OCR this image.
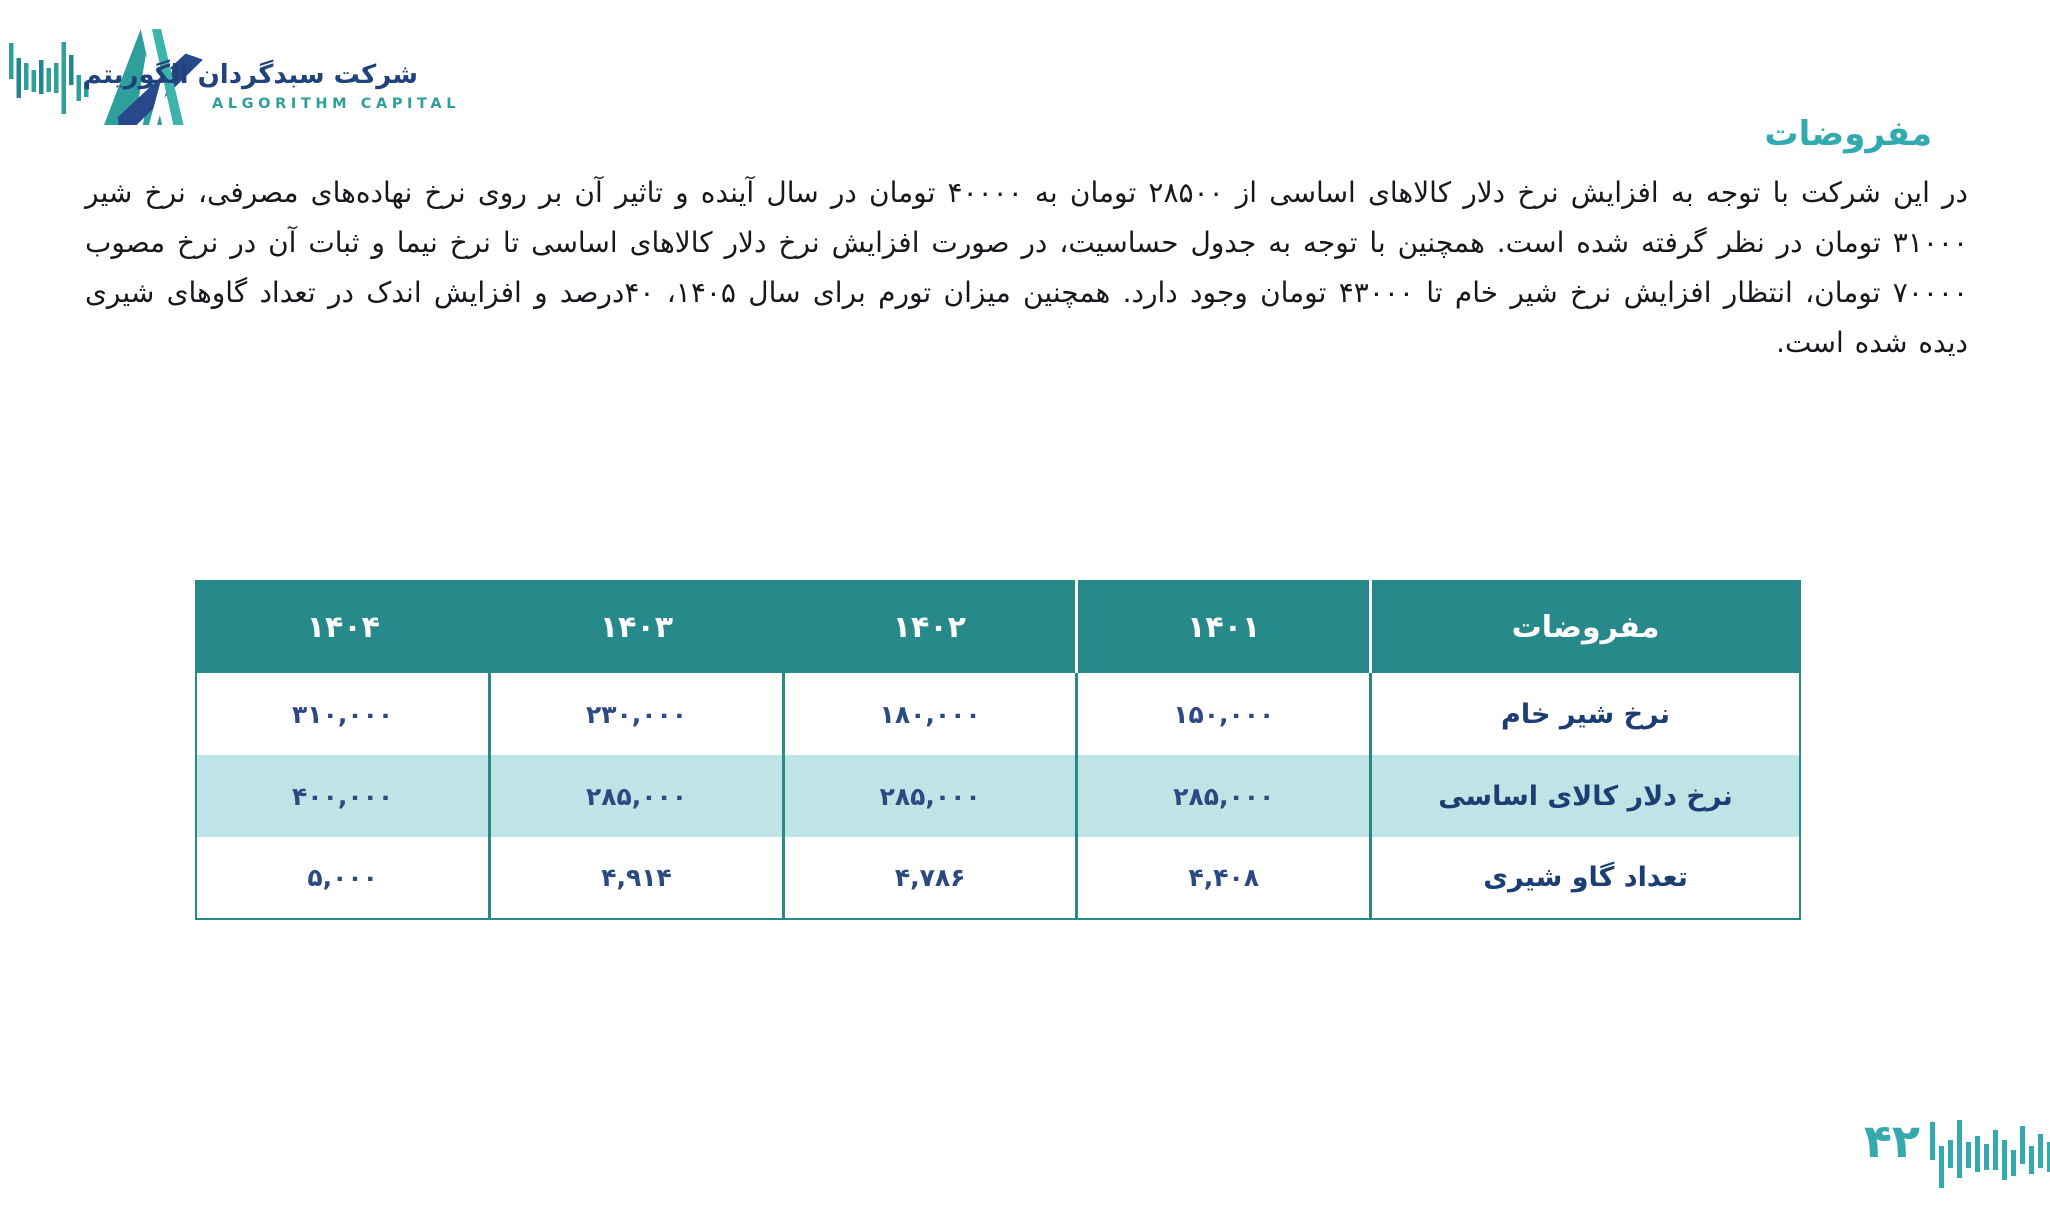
شرکت سبدگردان الگوریتم
ALGORITHM CAPITAL
مفروضات

در این شرکت با توجه به افزایش نرخ دلار کالاهای اساسی از ۲۸۵۰۰ تومان به ۴۰۰۰۰ تومان در سال آینده و تاثیر آن بر روی نرخ نهاده‌های مصرفی، نرخ شیر ۳۱۰۰۰ تومان در نظر گرفته شده است. همچنین با توجه به جدول حساسیت، در صورت افزایش نرخ دلار کالاهای اساسی تا نرخ نیما و ثبات آن در نرخ مصوب ۷۰۰۰۰ تومان، انتظار افزایش نرخ شیر خام تا ۴۳۰۰۰ تومان وجود دارد. همچنین میزان تورم برای سال ۱۴۰۵، ۴۰درصد و افزایش اندک در تعداد گاوهای شیری دیده شده است.

مفروضات	۱۴۰۱	۱۴۰۲	۱۴۰۳	۱۴۰۴
نرخ شیر خام	۱۵۰,۰۰۰	۱۸۰,۰۰۰	۲۳۰,۰۰۰	۳۱۰,۰۰۰
نرخ دلار کالای اساسی	۲۸۵,۰۰۰	۲۸۵,۰۰۰	۲۸۵,۰۰۰	۴۰۰,۰۰۰
تعداد گاو شیری	۴,۴۰۸	۴,۷۸۶	۴,۹۱۴	۵,۰۰۰
۴۲
